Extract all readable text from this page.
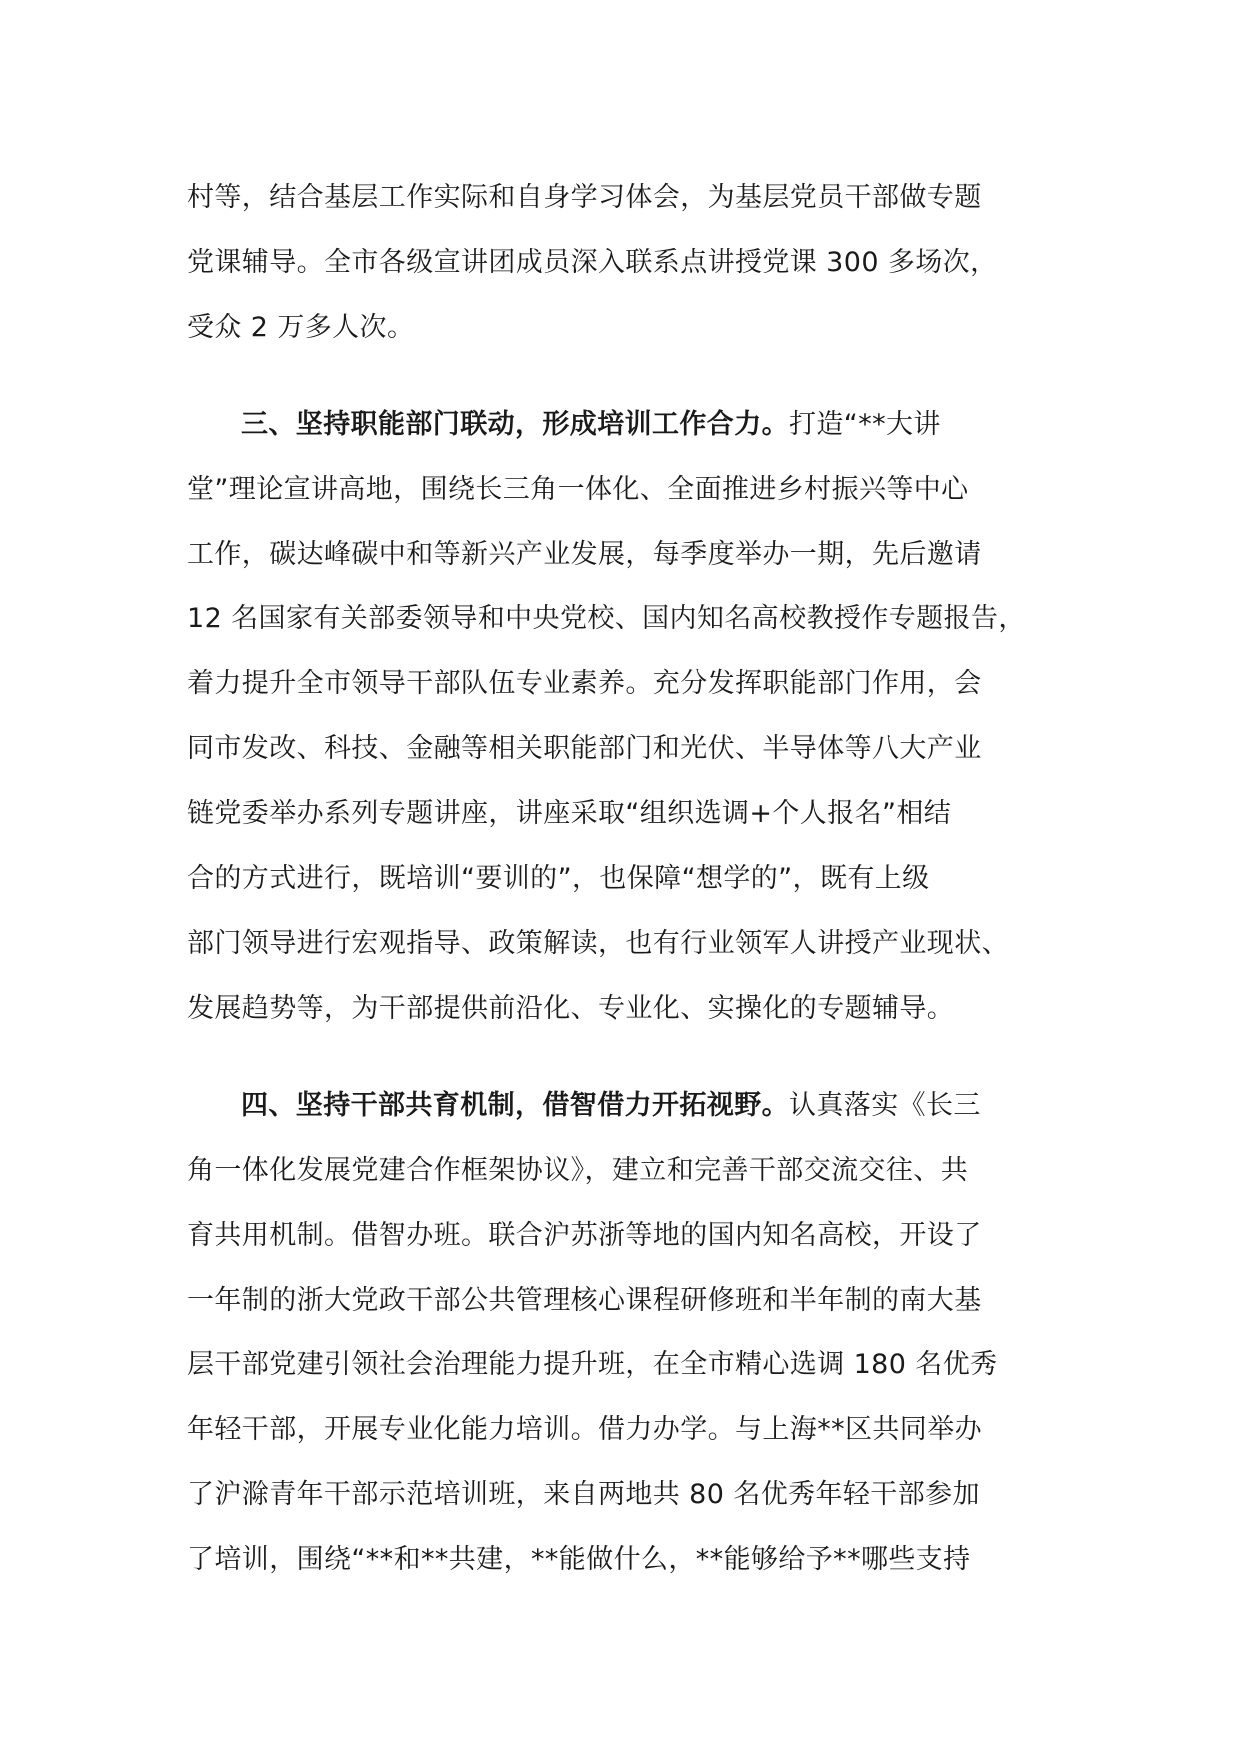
村等，结合基层工作实际和自身学习体会，为基层党员干部做专题
党课辅导。全市各级宣讲团成员深入联系点讲授党课 300 多场次，
受众 2 万多人次。
三、坚持职能部门联动，形成培训工作合力。打造“**大讲
堂”理论宣讲高地，围绕长三角一体化、全面推进乡村振兴等中心
工作，碳达峰碳中和等新兴产业发展，每季度举办一期，先后邀请
12 名国家有关部委领导和中央党校、国内知名高校教授作专题报告，
着力提升全市领导干部队伍专业素养。充分发挥职能部门作用，会
同市发改、科技、金融等相关职能部门和光伏、半导体等八大产业
链党委举办系列专题讲座，讲座采取“组织选调+个人报名”相结
合的方式进行，既培训“要训的”，也保障“想学的”，既有上级
部门领导进行宏观指导、政策解读，也有行业领军人讲授产业现状、
发展趋势等，为干部提供前沿化、专业化、实操化的专题辅导。
四、坚持干部共育机制，借智借力开拓视野。认真落实《长三
角一体化发展党建合作框架协议》，建立和完善干部交流交往、共
育共用机制。借智办班。联合沪苏浙等地的国内知名高校，开设了
一年制的浙大党政干部公共管理核心课程研修班和半年制的南大基
层干部党建引领社会治理能力提升班，在全市精心选调 180 名优秀
年轻干部，开展专业化能力培训。借力办学。与上海**区共同举办
了沪滁青年干部示范培训班，来自两地共 80 名优秀年轻干部参加
了培训，围绕“**和**共建，**能做什么，**能够给予**哪些支持
